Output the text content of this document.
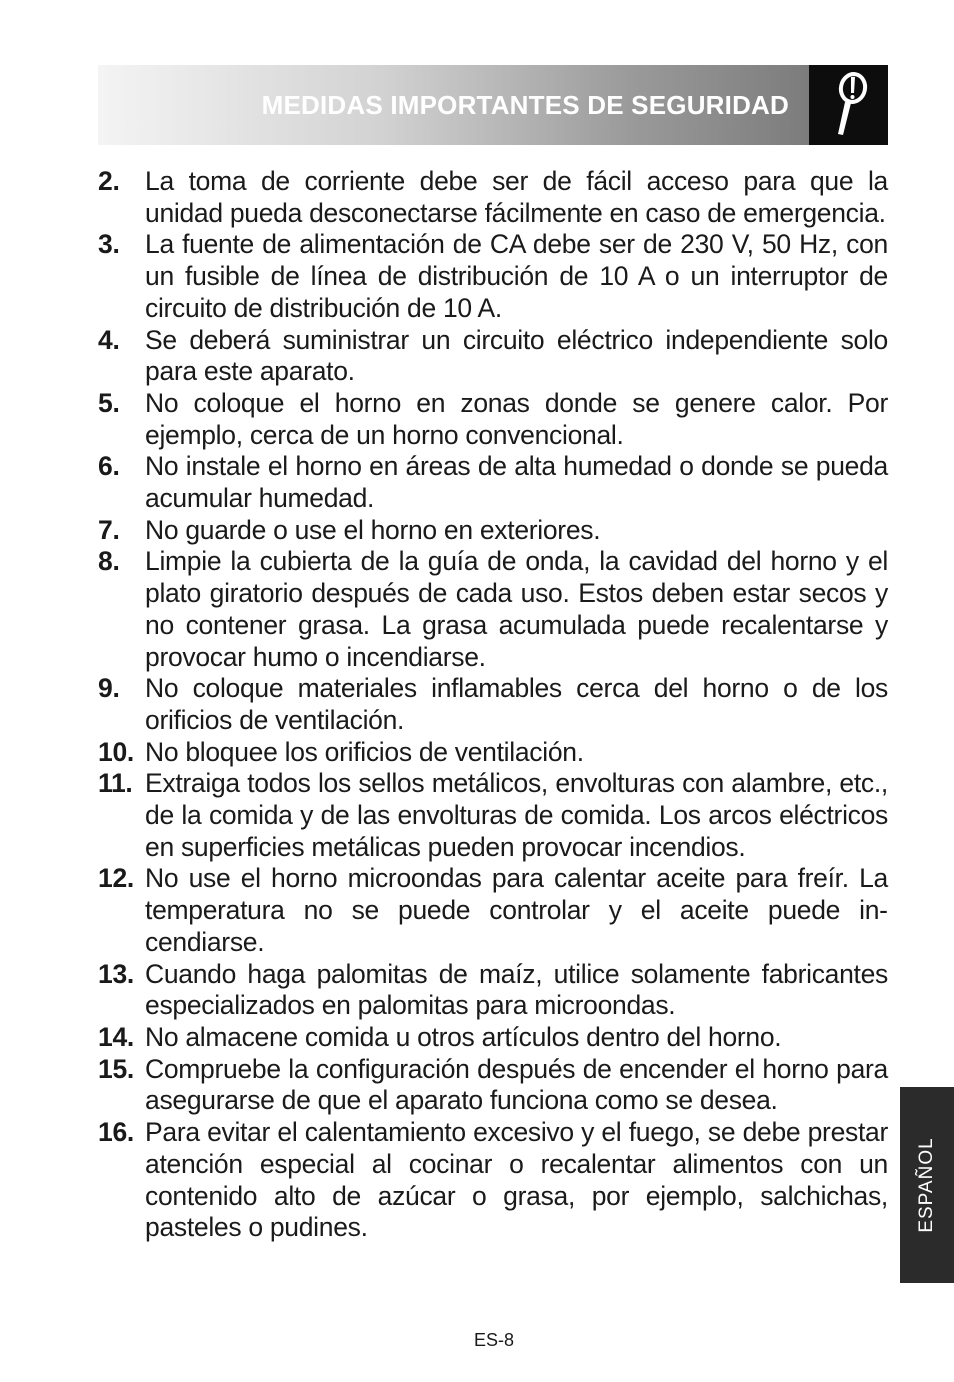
MEDIDAS IMPORTANTES DE SEGURIDAD
2. La toma de corriente debe ser de fácil acceso para que la unidad pueda desconectarse fácilmente en caso de emergencia.
3. La fuente de alimentación de CA debe ser de 230 V, 50 Hz, con un fusible de línea de distribución de 10 A o un interruptor de circuito de distribución de 10 A.
4. Se deberá suministrar un circuito eléctrico independiente solo para este aparato.
5. No coloque el horno en zonas donde se genere calor. Por ejemplo, cerca de un horno convencional.
6. No instale el horno en áreas de alta humedad o donde se pueda acumular humedad.
7. No guarde o use el horno en exteriores.
8. Limpie la cubierta de la guía de onda, la cavidad del horno y el plato giratorio después de cada uso. Estos deben estar secos y no contener grasa. La grasa acumulada puede recalentarse y provocar humo o incendiarse.
9. No coloque materiales inflamables cerca del horno o de los orificios de ventilación.
10. No bloquee los orificios de ventilación.
11. Extraiga todos los sellos metálicos, envolturas con alambre, etc., de la comida y de las envolturas de comida. Los arcos eléctricos en superficies metálicas pueden provocar incendios.
12. No use el horno microondas para calentar aceite para freír. La temperatura no se puede controlar y el aceite puede incendiarse.
13. Cuando haga palomitas de maíz, utilice solamente fabricantes especializados en palomitas para microondas.
14. No almacene comida u otros artículos dentro del horno.
15. Compruebe la configuración después de encender el horno para asegurarse de que el aparato funciona como se desea.
16. Para evitar el calentamiento excesivo y el fuego, se debe prestar atención especial al cocinar o recalentar alimentos con un contenido alto de azúcar o grasa, por ejemplo, salchichas, pasteles o pudines.	ESPAÑOL
ES-8
